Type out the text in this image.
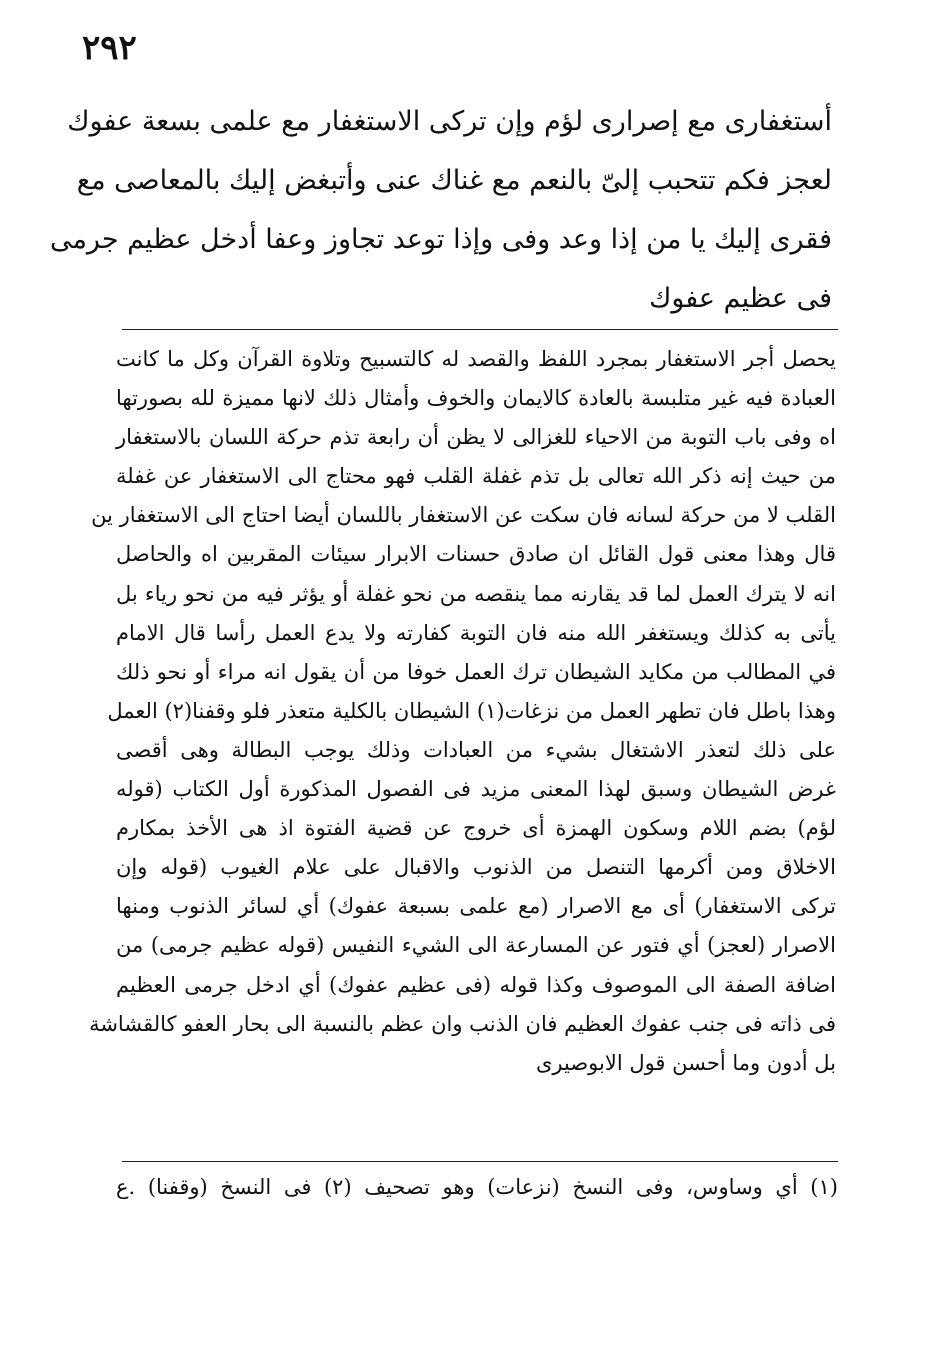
٢٩٢
أستغفارى مع إصرارى لؤم وإن تركى الاستغفار مع علمى بسعة عفوك
لعجز فكم تتحبب إلىّ بالنعم مع غناك عنى وأتبغض إليك بالمعاصى مع
فقرى إليك يا من إذا وعد وفى وإذا توعد تجاوز وعفا أدخل عظيم جرمى
فى عظيم عفوك
يحصل أجر الاستغفار بمجرد اللفظ والقصد له كالتسبيح وتلاوة القرآن وكل ما كانت
العبادة فيه غير متلبسة بالعادة كالايمان والخوف وأمثال ذلك لانها مميزة لله بصورتها
اه وفى باب التوبة من الاحياء للغزالى لا يظن أن رابعة تذم حركة اللسان بالاستغفار
من حيث إنه ذكر الله تعالى بل تذم غفلة القلب فهو محتاج الى الاستغفار عن غفلة
القلب لا من حركة لسانه فان سكت عن الاستغفار باللسان أيضا احتاج الى الاستغفار ين
قال وهذا معنى قول القائل ان صادق حسنات الابرار سيئات المقربين اه والحاصل
انه لا يترك العمل لما قد يقارنه مما ينقصه من نحو غفلة أو يؤثر فيه من نحو رياء بل
يأتى به كذلك ويستغفر الله منه فان التوبة كفارته ولا يدع العمل رأسا قال الامام
في المطالب من مكايد الشيطان ترك العمل خوفا من أن يقول انه مراء أو نحو ذلك
وهذا باطل فان تطهر العمل من نزغات(١) الشيطان بالكلية متعذر فلو وقفنا(٢) العمل
على ذلك لتعذر الاشتغال بشيء من العبادات وذلك يوجب البطالة وهى أقصى
غرض الشيطان وسبق لهذا المعنى مزيد فى الفصول المذكورة أول الكتاب (قوله
لؤم) بضم اللام وسكون الهمزة أى خروج عن قضية الفتوة اذ هى الأخذ بمكارم
الاخلاق ومن أكرمها التنصل من الذنوب والاقبال على علام الغيوب (قوله وإن
تركى الاستغفار) أى مع الاصرار (مع علمى بسبعة عفوك) أي لسائر الذنوب ومنها
الاصرار (لعجز) أي فتور عن المسارعة الى الشيء النفيس (قوله عظيم جرمى) من
اضافة الصفة الى الموصوف وكذا قوله (فى عظيم عفوك) أي ادخل جرمى العظيم
فى ذاته فى جنب عفوك العظيم فان الذنب وان عظم بالنسبة الى بحار العفو كالقشاشة
بل أدون وما أحسن قول الابوصيرى
(١) أي وساوس، وفى النسخ (نزعات) وهو تصحيف (٢) فى النسخ (وقفنا) .ع
